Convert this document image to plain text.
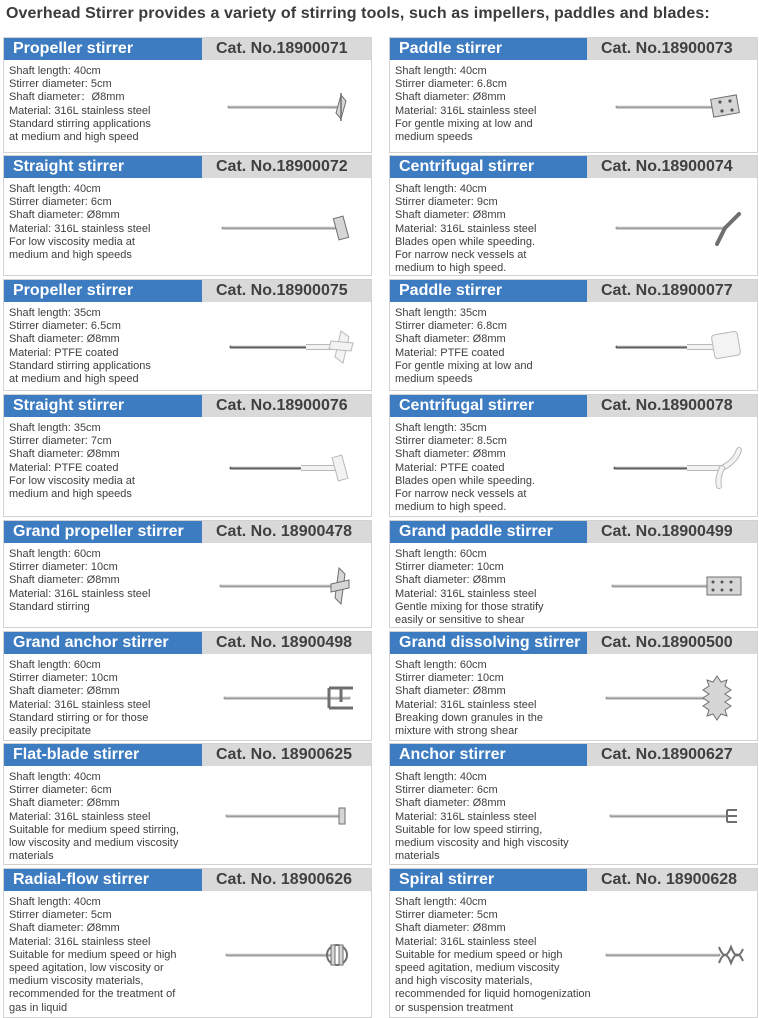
Overhead Stirrer provides a variety of stirring tools, such as impellers, paddles and blades:
Propeller stirrer	Cat. No.18900071
Shaft length: 40cm
Stirrer diameter: 5cm
Shaft diameter：Ø8mm
Material: 316L stainless steel
Standard stirring applications
at medium and high speed
Paddle stirrer	Cat. No.18900073
Shaft length: 40cm
Stirrer diameter: 6.8cm
Shaft diameter: Ø8mm
Material: 316L stainless steel
For gentle mixing at low and
medium speeds
Straight stirrer	Cat. No.18900072
Shaft length: 40cm
Stirrer diameter: 6cm
Shaft diameter: Ø8mm
Material: 316L stainless steel
For low viscosity media at
medium and high speeds
Centrifugal stirrer	Cat. No.18900074
Shaft length: 40cm
Stirrer diameter: 9cm
Shaft diameter: Ø8mm
Material: 316L stainless steel
Blades open while speeding.
For narrow neck vessels at
medium to high speed.
Propeller stirrer	Cat. No.18900075
Shaft length: 35cm
Stirrer diameter: 6.5cm
Shaft diameter: Ø8mm
Material: PTFE coated
Standard stirring applications
at medium and high speed
Paddle stirrer	Cat. No.18900077
Shaft length: 35cm
Stirrer diameter: 6.8cm
Shaft diameter: Ø8mm
Material: PTFE coated
For gentle mixing at low and
medium speeds
Straight stirrer	Cat. No.18900076
Shaft length: 35cm
Stirrer diameter: 7cm
Shaft diameter: Ø8mm
Material: PTFE coated
For low viscosity media at
medium and high speeds
Centrifugal stirrer	Cat. No.18900078
Shaft length: 35cm
Stirrer diameter: 8.5cm
Shaft diameter: Ø8mm
Material: PTFE coated
Blades open while speeding.
For narrow neck vessels at
medium to high speed.
Grand propeller stirrer	Cat. No. 18900478
Shaft length: 60cm
Stirrer diameter: 10cm
Shaft diameter: Ø8mm
Material: 316L stainless steel
Standard stirring
Grand paddle stirrer	Cat. No.18900499
Shaft length: 60cm
Stirrer diameter: 10cm
Shaft diameter: Ø8mm
Material: 316L stainless steel
Gentle mixing for those stratify
easily or sensitive to shear
Grand anchor stirrer	Cat. No. 18900498
Shaft length: 60cm
Stirrer diameter: 10cm
Shaft diameter: Ø8mm
Material: 316L stainless steel
Standard stirring or for those
easily precipitate
Grand dissolving stirrer	Cat. No.18900500
Shaft length: 60cm
Stirrer diameter: 10cm
Shaft diameter: Ø8mm
Material: 316L stainless steel
Breaking down granules in the
mixture with strong shear
Flat-blade stirrer	Cat. No. 18900625
Shaft length: 40cm
Stirrer diameter: 6cm
Shaft diameter: Ø8mm
Material: 316L stainless steel
Suitable for medium speed stirring,
low viscosity and medium viscosity
materials
Anchor stirrer	Cat. No.18900627
Shaft length: 40cm
Stirrer diameter: 6cm
Shaft diameter: Ø8mm
Material: 316L stainless steel
Suitable for low speed stirring,
medium viscosity and high viscosity
materials
Radial-flow stirrer	Cat. No. 18900626
Shaft length: 40cm
Stirrer diameter: 5cm
Shaft diameter: Ø8mm
Material: 316L stainless steel
Suitable for medium speed or high
speed agitation, low viscosity or
medium viscosity materials,
recommended for the treatment of
gas in liquid
Spiral stirrer	Cat. No. 18900628
Shaft length: 40cm
Stirrer diameter: 5cm
Shaft diameter: Ø8mm
Material: 316L stainless steel
Suitable for medium speed or high
speed agitation, medium viscosity
and high viscosity materials,
recommended for liquid homogenization
or suspension treatment
